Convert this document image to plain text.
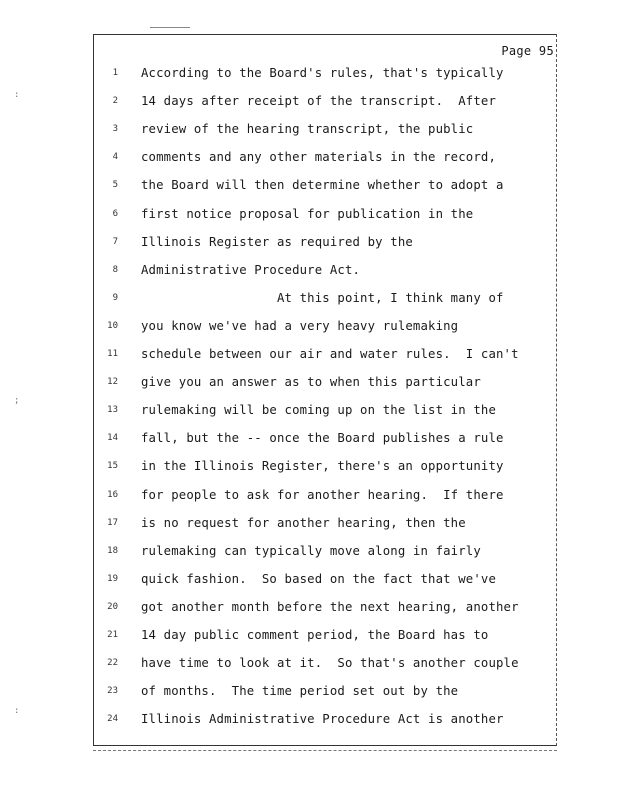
:
;
:
Page 95
1 According to the Board's rules, that's typically
2 14 days after receipt of the transcript.  After
3 review of the hearing transcript, the public
4 comments and any other materials in the record,
5 the Board will then determine whether to adopt a
6 first notice proposal for publication in the
7 Illinois Register as required by the
8 Administrative Procedure Act.
9 At this point, I think many of
10 you know we've had a very heavy rulemaking
11 schedule between our air and water rules.  I can't
12 give you an answer as to when this particular
13 rulemaking will be coming up on the list in the
14 fall, but the -- once the Board publishes a rule
15 in the Illinois Register, there's an opportunity
16 for people to ask for another hearing.  If there
17 is no request for another hearing, then the
18 rulemaking can typically move along in fairly
19 quick fashion.  So based on the fact that we've
20 got another month before the next hearing, another
21 14 day public comment period, the Board has to
22 have time to look at it.  So that's another couple
23 of months.  The time period set out by the
24 Illinois Administrative Procedure Act is another
